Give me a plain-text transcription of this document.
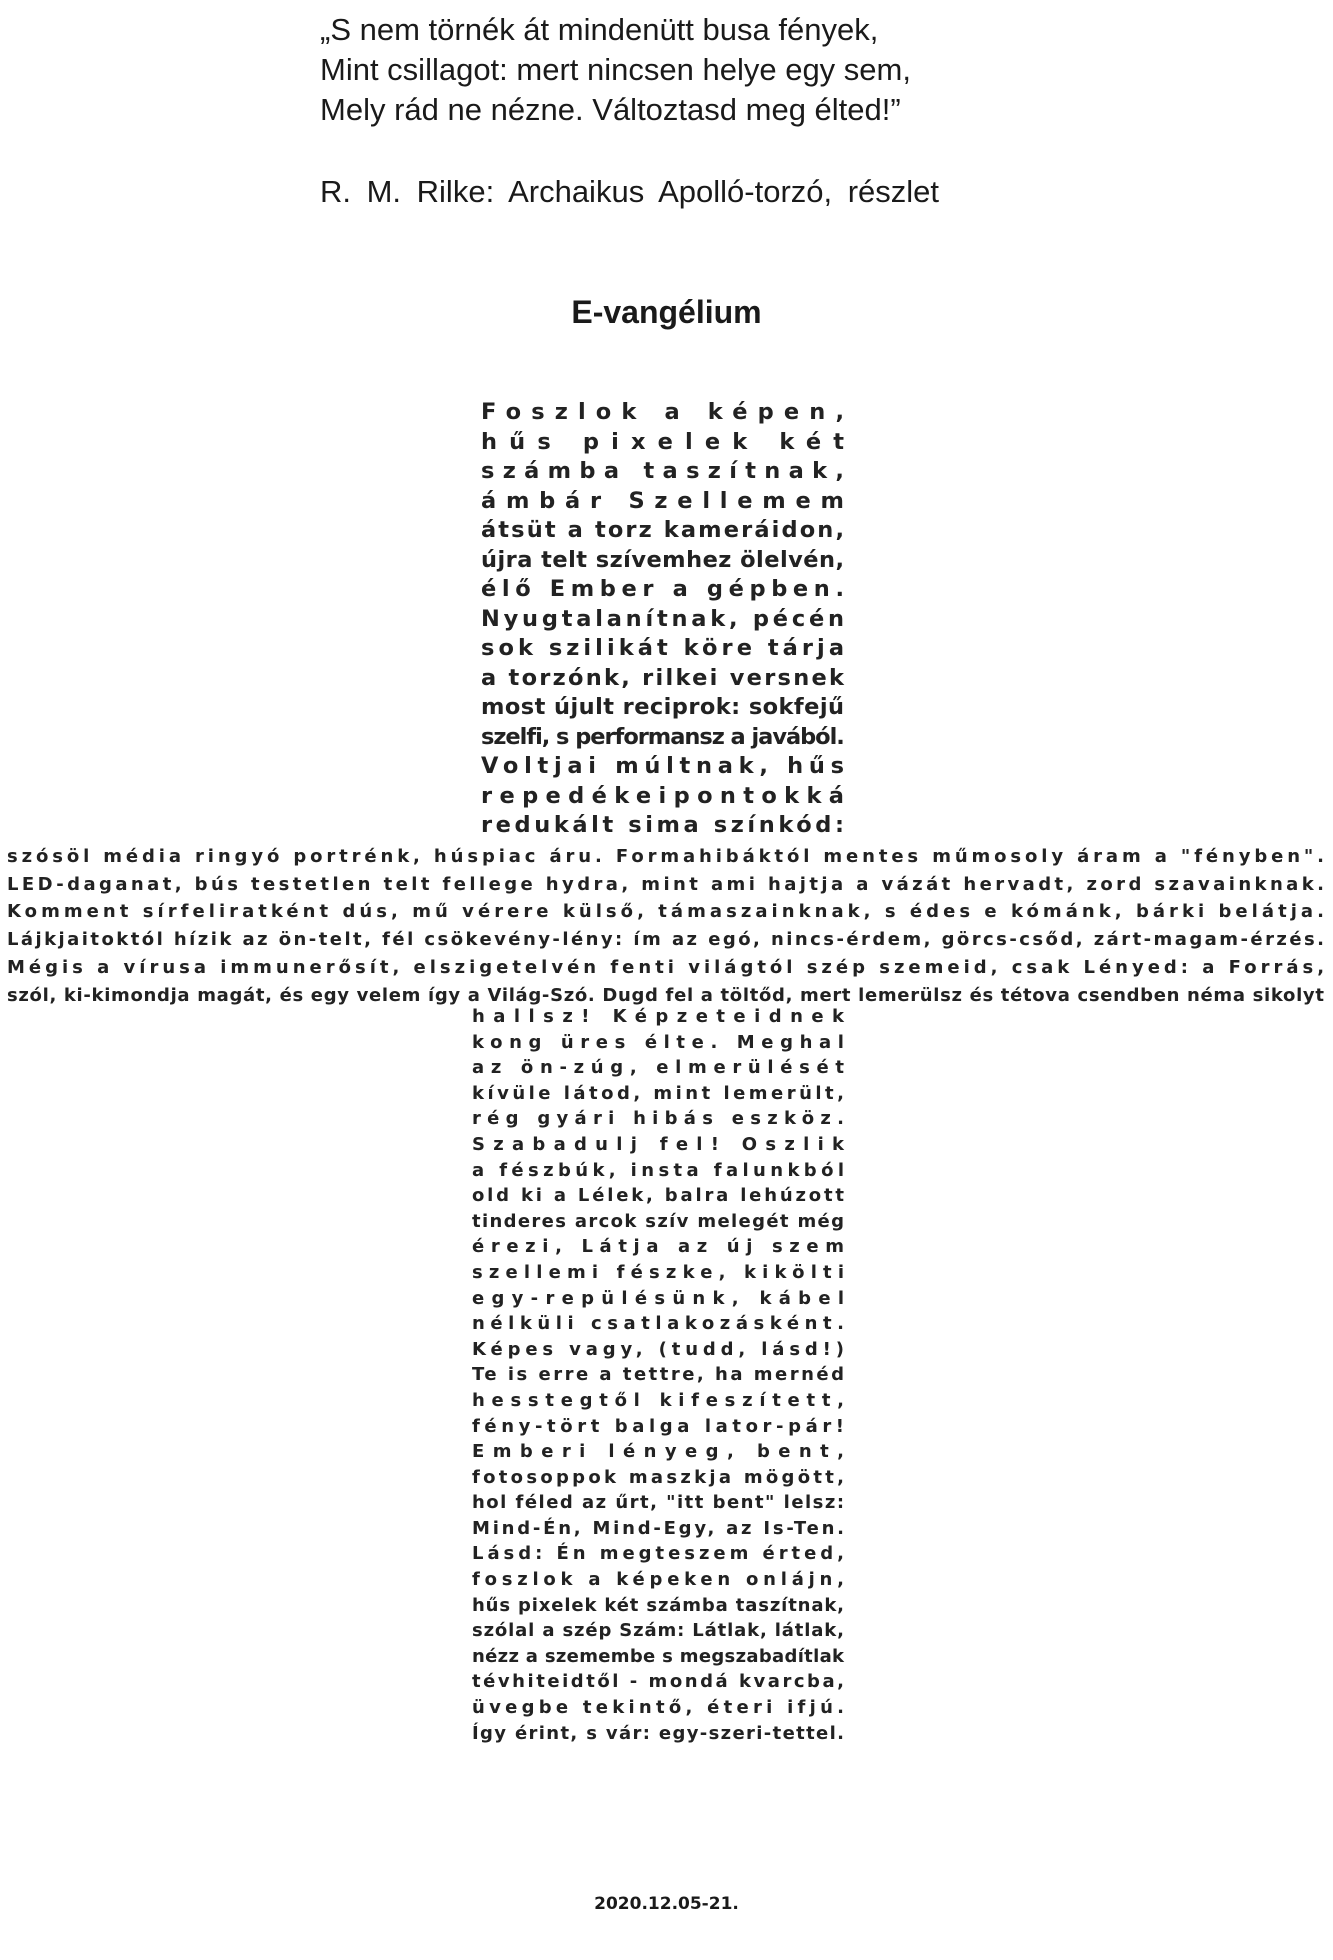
„S nem törnék át mindenütt busa fények,
Mint csillagot: mert nincsen helye egy sem,
Mely rád ne nézne. Változtasd meg élted!”
R. M. Rilke: Archaikus Apolló-torzó, részlet
E-vangélium
Foszlok a képen,
hűs pixelek két
számba taszítnak,
ámbár Szellemem
átsüt a torz kameráidon,
újra telt szívemhez ölelvén,
élő Ember a gépben.
Nyugtalanítnak, pécén
sok szilikát köre tárja
a torzónk, rilkei versnek
most újult reciprok: sokfejű
szelfi, s performansz a javából.
Voltjai múltnak, hűs
repedékeipontokká
redukált sima színkód:
szósöl média ringyó portrénk, húspiac áru. Formahibáktól mentes műmosoly áram a "fényben".
LED-daganat, bús testetlen telt fellege hydra, mint ami hajtja a vázát hervadt, zord szavainknak.
Komment sírfeliratként dús, mű vérere külső, támaszainknak, s édes e kómánk, bárki belátja.
Lájkjaitoktól hízik az ön-telt, fél csökevény-lény: ím az egó, nincs-érdem, görcs-csőd, zárt-magam-érzés.
Mégis a vírusa immunerősít, elszigetelvén fenti világtól szép szemeid, csak Lényed: a Forrás,
szól, ki-kimondja magát, és egy velem így a Világ-Szó. Dugd fel a töltőd, mert lemerülsz és tétova csendben néma sikolyt
hallsz! Képzeteidnek
kong üres élte. Meghal
az ön-zúg, elmerülését
kívüle látod, mint lemerült,
rég gyári hibás eszköz.
Szabadulj fel! Oszlik
a fészbúk, insta falunkból
old ki a Lélek, balra lehúzott
tinderes arcok szív melegét még
érezi, Látja az új szem
szellemi fészke, kikölti
egy-repülésünk, kábel
nélküli csatlakozásként.
Képes vagy, (tudd, lásd!)
Te is erre a tettre, ha mernéd
hesstegtől kifeszített,
fény-tört balga lator-pár!
Emberi lényeg, bent,
fotosoppok maszkja mögött,
hol féled az űrt, "itt bent" lelsz:
Mind-Én, Mind-Egy, az Is-Ten.
Lásd: Én megteszem érted,
foszlok a képeken onlájn,
hűs pixelek két számba taszítnak,
szólal a szép Szám: Látlak, látlak,
nézz a szemembe s megszabadítlak
tévhiteidtől - mondá kvarcba,
üvegbe tekintő, éteri ifjú.
Így érint, s vár: egy-szeri-tettel.
2020.12.05-21.
